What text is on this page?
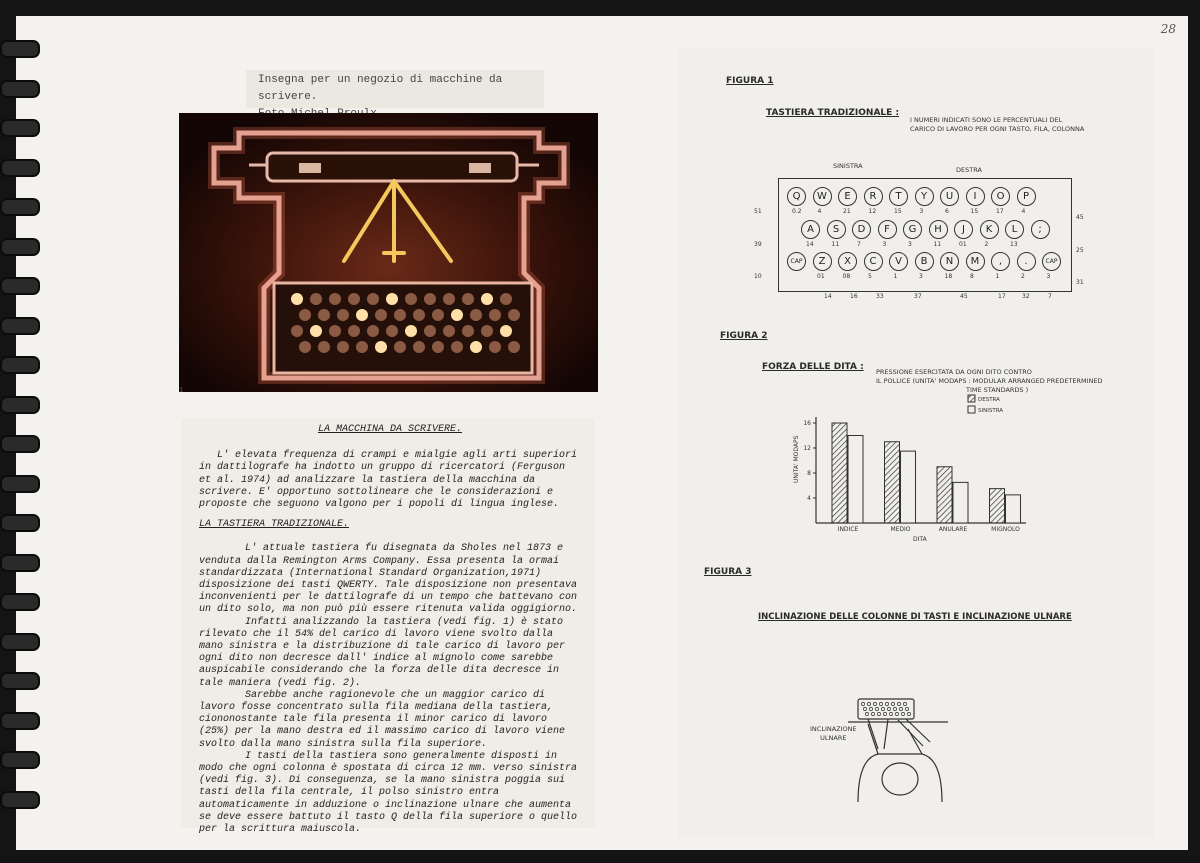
28
Insegna per un negozio di macchine da scrivere.
1
LA MACCHINA DA SCRIVERE.

L' elevata frequenza di crampi e mialgie agli arti superiori in dattilografe ha indotto un gruppo di ricercatori (Ferguson et al. 1974) ad analizzare la tastiera della macchina da scrivere. E' opportuno sottolineare che le considerazioni e proposte che seguono valgono per i popoli di lingua inglese.

LA TASTIERA TRADIZIONALE.

L' attuale tastiera fu disegnata da Sholes nel 1873 e venduta dalla Remington Arms Company. Essa presenta la ormai standardizzata (International Standard Organization,1971) disposizione dei tasti QWERTY. Tale disposizione non presentava inconvenienti per le dattilografe di un tempo che battevano con un dito solo, ma non può più essere ritenuta valida oggigiorno.

Infatti analizzando la tastiera (vedi fig. 1) è stato rilevato che il 54% del carico di lavoro viene svolto dalla mano sinistra e la distribuzione di tale carico di lavoro per ogni dito non decresce dall' indice al mignolo come sarebbe auspicabile considerando che la forza delle dita decresce in tale maniera (vedi fig. 2).

Sarebbe anche ragionevole che un maggior carico di lavoro fosse concentrato sulla fila mediana della tastiera, ciononostante tale fila presenta il minor carico di lavoro (25%) per la mano destra ed il massimo carico di lavoro viene svolto dalla mano sinistra sulla fila superiore.

I tasti della tastiera sono generalmente disposti in modo che ogni colonna è spostata di circa 12 mm. verso sinistra (vedi fig. 3). Di conseguenza, se la mano sinistra poggia sui tasti della fila centrale, il polso sinistro entra automaticamente in adduzione o inclinazione ulnare che aumenta se deve essere battuto il tasto Q della fila superiore o quello per la scrittura maiuscola.

FIGURA 1
TASTIERA TRADIZIONALE :
I NUMERI INDICATI SONO LE PERCENTUALI DEL
CARICO DI LAVORO PER OGNI TASTO, FILA, COLONNA
SINISTRA	DESTRA
Q	W	E	R	T	Y	U	I	O	P
0.2	4	21	12	15	3	6	15	17	4
A	S	D	F	G	H	J	K	L	;
14	11	7	3	3	11	01	2	13
CAP	Z	X	C	V	B	N	M	,	.	CAP
01	08	5	1	3	18	8	1	2	3
51
45
39
25
10
31
14	16	33	37	45	17	32	7
FIGURA 2
FORZA DELLE DITA : PRESSIONE ESERCITATA DA OGNI DITO CONTRO
IL POLLICE (UNITA' MODAPS : MODULAR ARRANGED PREDETERMINED
TIME STANDARDS )
16
12
8
4
INDICE	MEDIO	ANULARE	MIGNOLO
DITA
UNITA' MODAPS
DESTRA
SINISTRA
FIGURA 3
INCLINAZIONE DELLE COLONNE DI TASTI E INCLINAZIONE ULNARE
INCLINAZIONE
ULNARE
